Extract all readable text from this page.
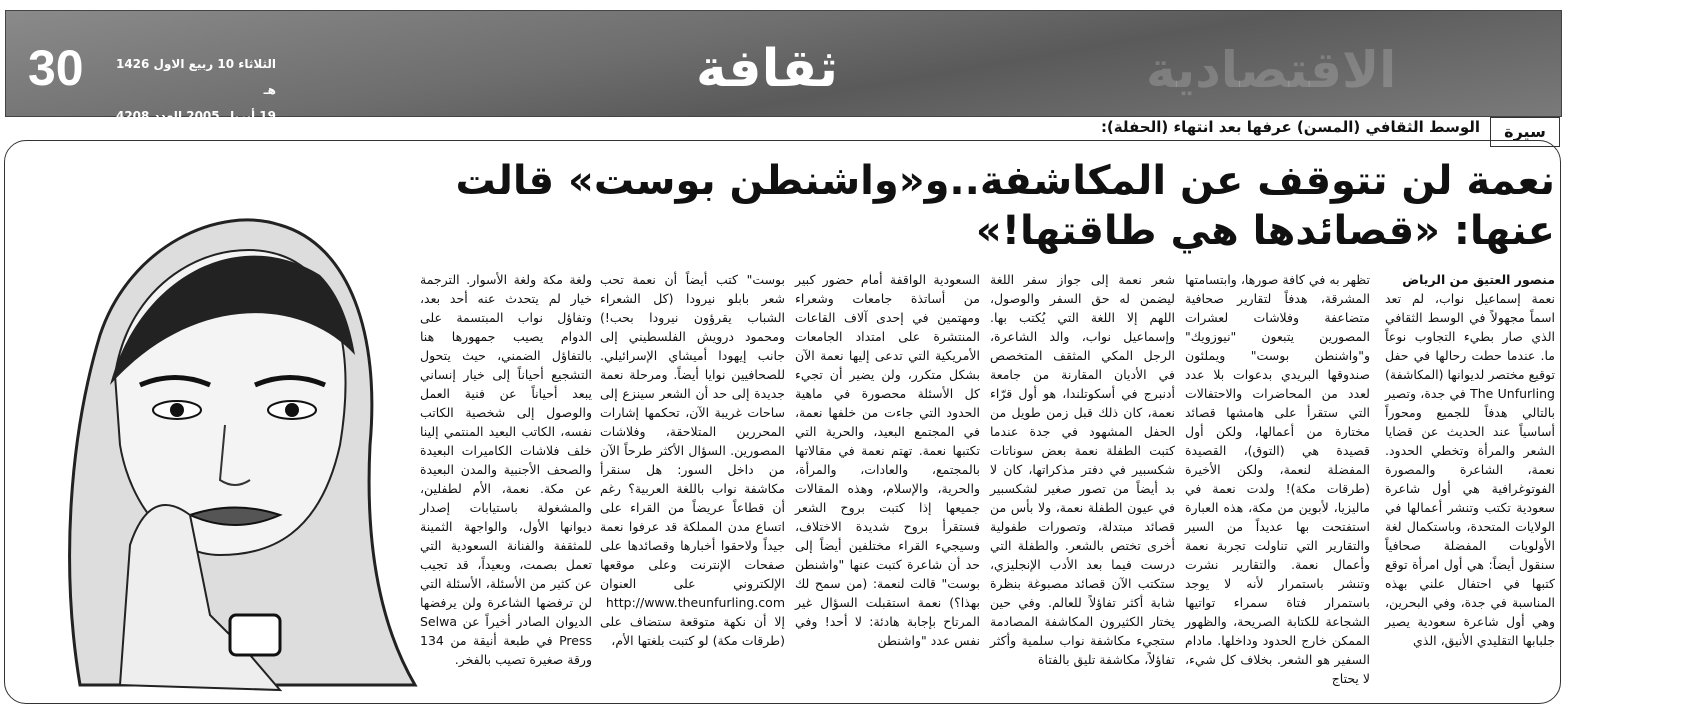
30	الثلاثاء 10 ربيع الاول 1426 هـ
19 أبريل 2005 العدد 4208
ثقافة	الاقتصادية
سيرة
الوسط الثقافي (المسن) عرفها بعد انتهاء (الحفلة):
نعمة لن تتوقف عن المكاشفة..و«واشنطن بوست» قالت عنها: «قصائدها هي طاقتها!»
منصور العتيق من الرياض
نعمة إسماعيل نواب، لم تعد اسماً مجهولاً في الوسط الثقافي الذي صار بطيء التجاوب نوعاً ما. عندما حطت رحالها في حفل توقيع مختصر لديوانها (المكاشفة) The Unfurling في جدة، وتصير بالتالي هدفاً للجميع ومحوراً أساسياً عند الحديث عن قضايا الشعر والمرأة وتخطي الحدود. نعمة، الشاعرة والمصورة الفوتوغرافية هي أول شاعرة سعودية تكتب وتنشر أعمالها في الولايات المتحدة، وباستكمال لغة الأولويات المفضلة صحافياً سنقول أيضاً: هي أول امرأة توقع كتبها في احتفال علني بهذه المناسبة في جدة، وفي البحرين، وهي أول شاعرة سعودية يصير جلبابها التقليدي الأنيق، الذي
تظهر به في كافة صورها، وابتسامتها المشرقة، هدفاً لتقارير صحافية متضاعفة وفلاشات لعشرات المصورين يتبعون "نيوزويك" و"واشنطن بوست" ويملئون صندوقها البريدي بدعوات بلا عدد لعدد من المحاضرات والاحتفالات التي ستقرأ على هامشها قصائد مختارة من أعمالها، ولكن أول قصيدة هي (التوق)، القصيدة المفضلة لنعمة، ولكن الأخيرة (طرقات مكة)! ولدت نعمة في ماليزيا، لأبوين من مكة، هذه العبارة استفتحت بها عديداً من السير والتقارير التي تناولت تجربة نعمة وأعمال نعمة. والتقارير نشرت وتنشر باستمرار لأنه لا يوجد باستمرار فتاة سمراء تواتيها الشجاعة للكتابة الصريحة، والظهور الممكن خارج الحدود وداخلها. مادام السفير هو الشعر. بخلاف كل شيء، لا يحتاج
شعر نعمة إلى جواز سفر اللغة ليضمن له حق السفر والوصول، اللهم إلا اللغة التي يُكتب بها. وإسماعيل نواب، والد الشاعرة، الرجل المكي المثقف المتخصص في الأديان المقارنة من جامعة أدنبرج في أسكوتلندا، هو أول قرّاء نعمة، كان ذلك قبل زمن طويل من الحفل المشهود في جدة عندما كتبت الطفلة نعمة بعض سوناتات شكسبير في دفتر مذكراتها، كان لا بد أيضاً من تصور صغير لشكسبير في عيون الطفلة نعمة، ولا بأس من قصائد مبتدلة، وتصورات طفولية أخرى تختص بالشعر. والطفلة التي درست فيما بعد الأدب الإنجليزي، ستكتب الآن قصائد مصبوغة بنظرة شابة أكثر تفاؤلاً للعالم. وفي حين يختار الكثيرون المكاشفة المصادمة ستجيء مكاشفة نواب سلمية وأكثر تفاؤلاً، مكاشفة تليق بالفتاة
السعودية الواقفة أمام حضور كبير من أساتذة جامعات وشعراء ومهتمين في إحدى آلاف القاعات المنتشرة على امتداد الجامعات الأمريكية التي تدعى إليها نعمة الآن بشكل متكرر، ولن يضير أن تجيء كل الأسئلة محصورة في ماهية الحدود التي جاءت من خلفها نعمة، في المجتمع البعيد، والحرية التي تكتبها نعمة. تهتم نعمة في مقالاتها بالمجتمع، والعادات، والمرأة، والحرية، والإسلام، وهذه المقالات جميعها إذا كتبت بروح الشعر فستقرأ بروح شديدة الاختلاف، وسيجيء القراء مختلفين أيضاً إلى حد أن شاعرة كتبت عنها "واشنطن بوست" قالت لنعمة: (من سمح لك بهذا؟) نعمة استقبلت السؤال غير المرتاح بإجابة هادئة: لا أحد! وفي نفس عدد "واشنطن
بوست" كتب أيضاً أن نعمة تحب شعر بابلو نيرودا (كل الشعراء الشباب يقرؤون نيرودا بحب!) ومحمود درويش الفلسطيني إلى جانب إيهودا أميشاي الإسرائيلي. للصحافيين نوايا أيضاً. ومرحلة نعمة جديدة إلى حد أن الشعر سينزع إلى ساحات غريبة الآن، تحكمها إشارات المحررين المتلاحقة، وفلاشات المصورين. السؤال الأكثر طرحاً الآن من داخل السور: هل سنقرأ مكاشفة نواب باللغة العربية؟ رغم أن قطاعاً عريضاً من القراء على اتساع مدن المملكة قد عرفوا نعمة جيداً ولاحقوا أخبارها وقصائدها على صفحات الإنترنت وعلى موقعها الإلكتروني على العنوان http://www.theunfurling.com إلا أن نكهة متوقعة ستضاف على (طرقات مكة) لو كتبت بلغتها الأم،
ولغة مكة ولغة الأسوار. الترجمة خيار لم يتحدث عنه أحد بعد، وتفاؤل نواب المبتسمة على الدوام يصيب جمهورها هنا بالتفاؤل الضمني، حيث يتحول التشجيع أحياناً إلى خيار إنساني يبعد أحياناً عن فنية العمل والوصول إلى شخصية الكاتب نفسه، الكاتب البعيد المنتمي إلينا خلف فلاشات الكاميرات البعيدة والصحف الأجنبية والمدن البعيدة عن مكة. نعمة، الأم لطفلين، والمشغولة باستيابات إصدار ديوانها الأول، والواجهة الثمينة للمثقفة والفنانة السعودية التي تعمل بصمت، وبعيداً، قد تجيب عن كثير من الأسئلة، الأسئلة التي لن ترفضها الشاعرة ولن يرفضها الديوان الصادر أخيراً عن Selwa Press في طبعة أنيقة من 134 ورقة صغيرة تصيب بالفخر.
